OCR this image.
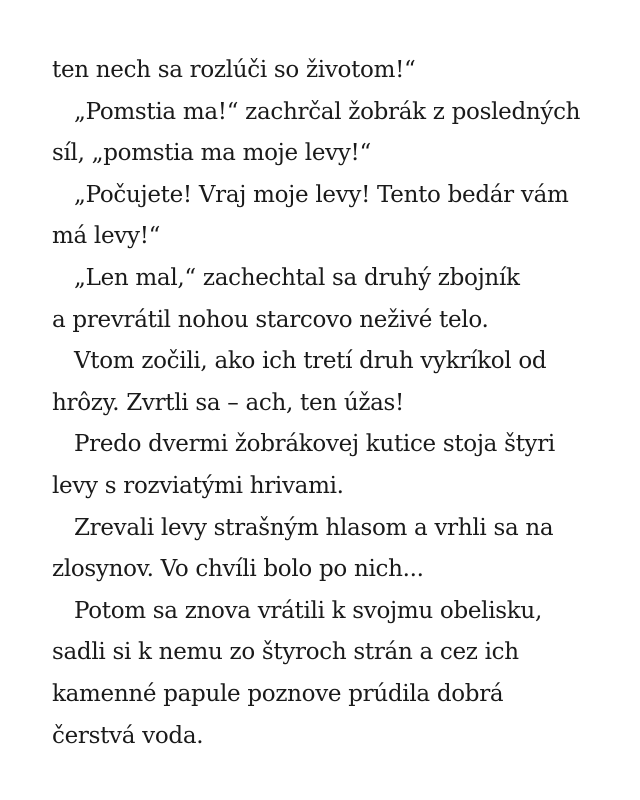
ten nech sa rozlúči so životom!“
„Pomstia ma!“ zachrčal žobrák z posledných
síl, „pomstia ma moje levy!“
„Počujete! Vraj moje levy! Tento bedár vám
má levy!“
„Len mal,“ zachechtal sa druhý zbojník
a prevrátil nohou starcovo neživé telo.
Vtom zočili, ako ich tretí druh vykríkol od
hrôzy. Zvrtli sa – ach, ten úžas!
Predo dvermi žobrákovej kutice stoja štyri
levy s rozviatými hrivami.
Zrevali levy strašným hlasom a vrhli sa na
zlosynov. Vo chvíli bolo po nich...
Potom sa znova vrátili k svojmu obelisku,
sadli si k nemu zo štyroch strán a cez ich
kamenné papule poznove prúdila dobrá
čerstvá voda.
